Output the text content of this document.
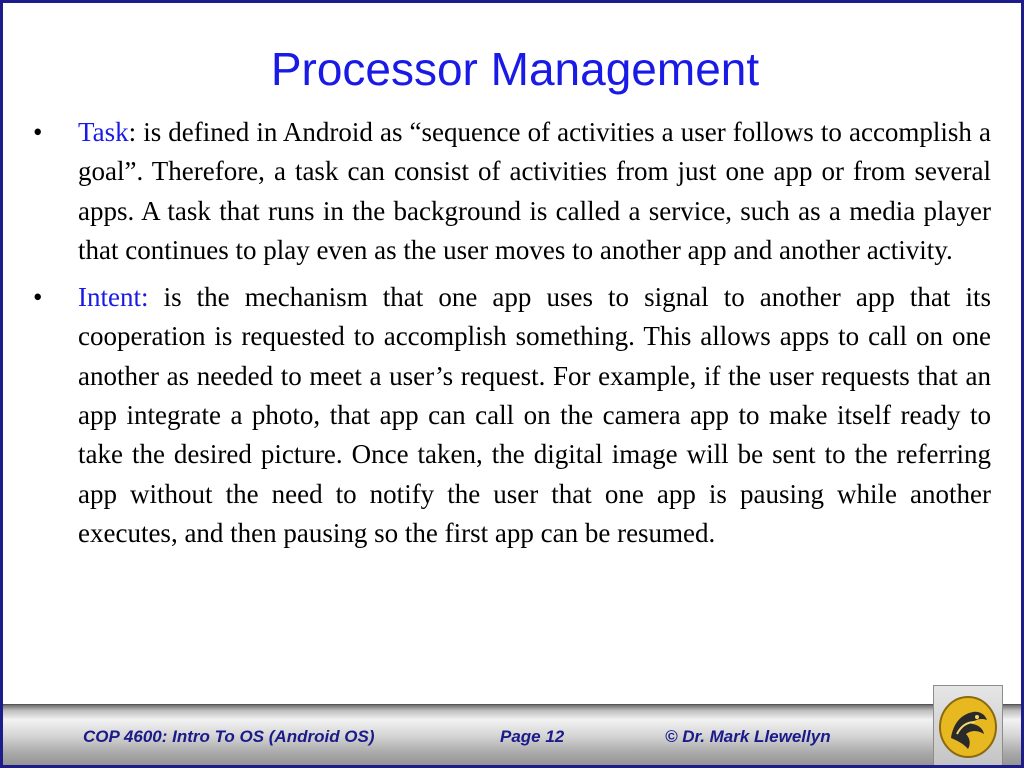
Processor Management
•	Task: is defined in Android as “sequence of activities a user follows to accomplish a goal”. Therefore, a task can consist of activities from just one app or from several apps. A task that runs in the background is called a service, such as a media player that continues to play even as the user moves to another app and another activity.
•	Intent: is the mechanism that one app uses to signal to another app that its cooperation is requested to accomplish something. This allows apps to call on one another as needed to meet a user’s request. For example, if the user requests that an app integrate a photo, that app can call on the camera app to make itself ready to take the desired picture. Once taken, the digital image will be sent to the referring app without the need to notify the user that one app is pausing while another executes, and then pausing so the first app can be resumed.
COP 4600: Intro To OS (Android OS)	Page 12	© Dr. Mark Llewellyn
